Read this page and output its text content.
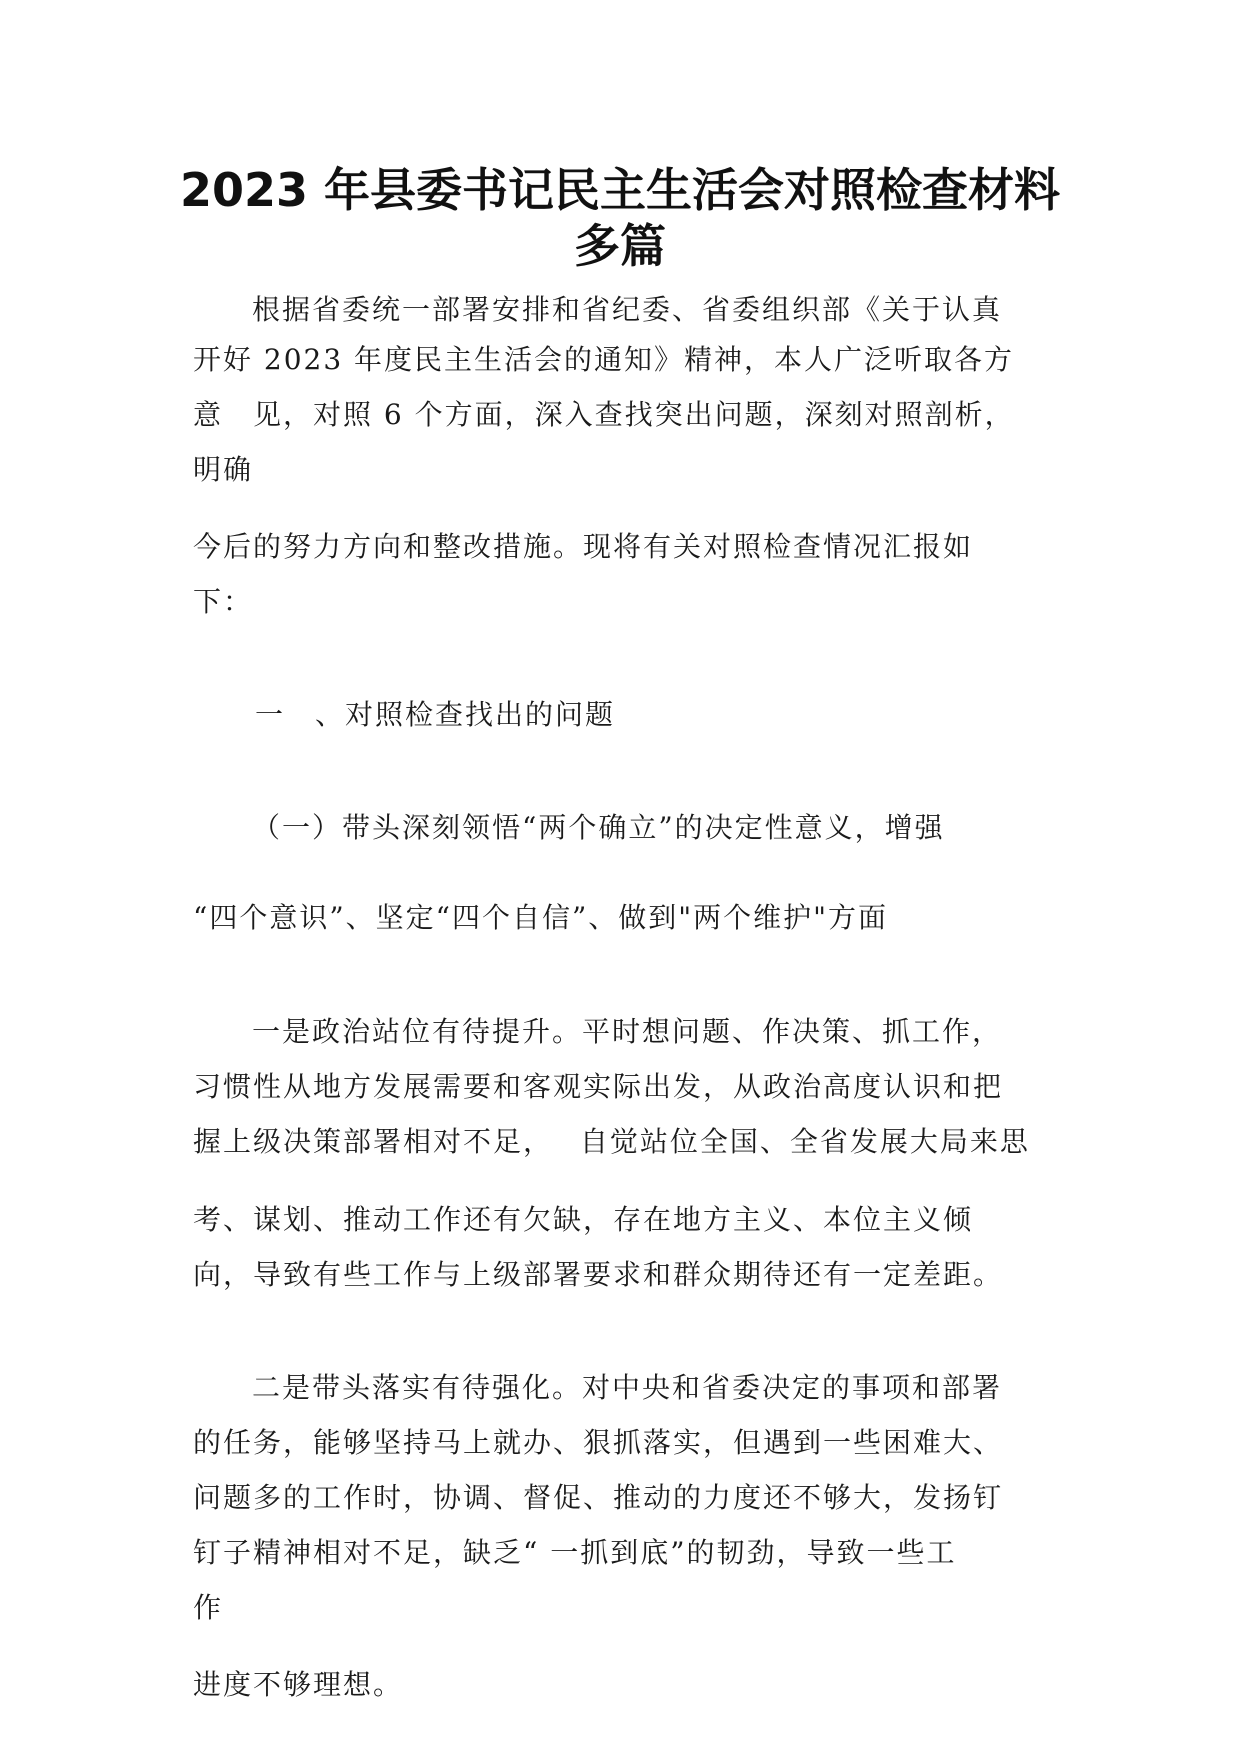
2023 年县委书记民主生活会对照检查材料
多篇

根据省委统一部署安排和省纪委、省委组织部《关于认真

开好 2023 年度民主生活会的通知》精神，本人广泛听取各方

意　见，对照 6 个方面，深入查找突出问题，深刻对照剖析，

明确

今后的努力方向和整改措施。现将有关对照检查情况汇报如

下：

一　、对照检查找出的问题

（一）带头深刻领悟“两个确立”的决定性意义，增强

“四个意识”、坚定“四个自信”、做到"两个维护"方面

一是政治站位有待提升。平时想问题、作决策、抓工作，

习惯性从地方发展需要和客观实际出发，从政治高度认识和把

握上级决策部署相对不足，　 自觉站位全国、全省发展大局来思

考、谋划、推动工作还有欠缺，存在地方主义、本位主义倾

向，导致有些工作与上级部署要求和群众期待还有一定差距。

二是带头落实有待强化。对中央和省委决定的事项和部署

的任务，能够坚持马上就办、狠抓落实，但遇到一些困难大、

问题多的工作时，协调、督促、推动的力度还不够大，发扬钉

钉子精神相对不足，缺乏“ 一抓到底”的韧劲，导致一些工

作

进度不够理想。
